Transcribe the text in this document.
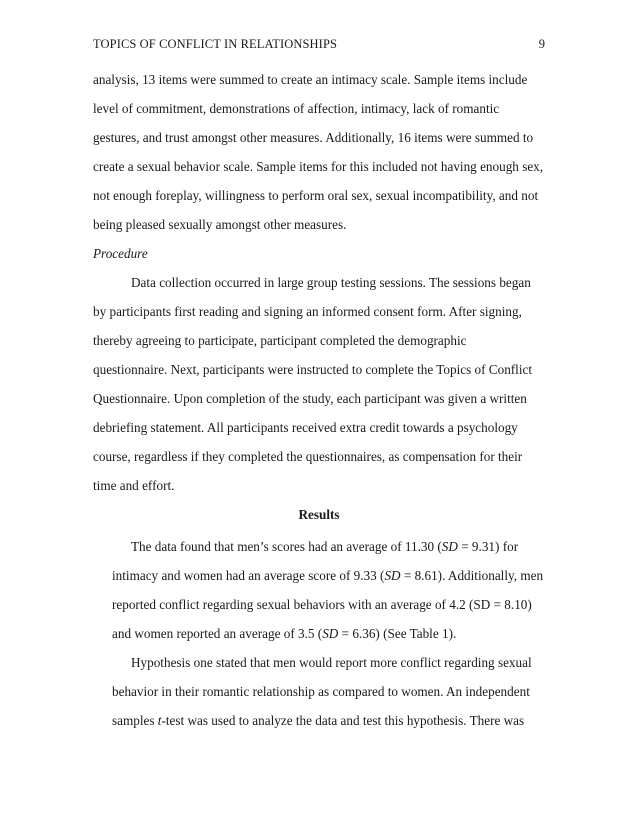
TOPICS OF CONFLICT IN RELATIONSHIPS	9
analysis, 13 items were summed to create an intimacy scale. Sample items include
level of commitment, demonstrations of affection, intimacy, lack of romantic
gestures, and trust amongst other measures. Additionally, 16 items were summed to
create a sexual behavior scale. Sample items for this included not having enough sex,
not enough foreplay, willingness to perform oral sex, sexual incompatibility, and not
being pleased sexually amongst other measures.
Procedure
Data collection occurred in large group testing sessions. The sessions began
by participants first reading and signing an informed consent form. After signing,
thereby agreeing to participate, participant completed the demographic
questionnaire. Next, participants were instructed to complete the Topics of Conflict
Questionnaire. Upon completion of the study, each participant was given a written
debriefing statement. All participants received extra credit towards a psychology
course, regardless if they completed the questionnaires, as compensation for their
time and effort.
Results
The data found that men’s scores had an average of 11.30 (SD = 9.31) for
intimacy and women had an average score of 9.33 (SD = 8.61). Additionally, men
reported conflict regarding sexual behaviors with an average of 4.2 (SD = 8.10)
and women reported an average of 3.5 (SD = 6.36) (See Table 1).
Hypothesis one stated that men would report more conflict regarding sexual
behavior in their romantic relationship as compared to women. An independent
samples t-test was used to analyze the data and test this hypothesis. There was
